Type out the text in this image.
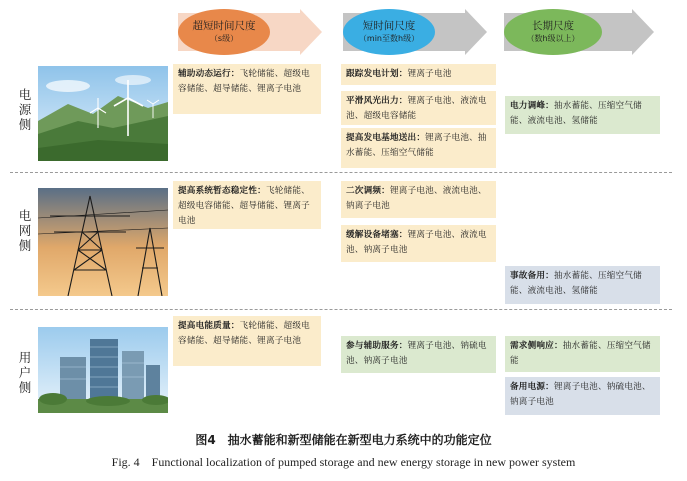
超短时间尺度
（s级）
短时间尺度
（min至数h级）
长期尺度
（数h级以上）
电源侧
电网侧
用户侧
辅助动态运行：飞轮储能、超级电容储能、超导储能、锂离子电池
跟踪发电计划：锂离子电池
平滑风光出力：锂离子电池、液流电池、超级电容储能
提高发电基地送出：锂离子电池、抽水蓄能、压缩空气储能
电力调峰：抽水蓄能、压缩空气储能、液流电池、氢储能
提高系统暂态稳定性：飞轮储能、超级电容储能、超导储能、锂离子电池
二次调频：锂离子电池、液流电池、钠离子电池
缓解设备堵塞：锂离子电池、液流电池、钠离子电池
事故备用：抽水蓄能、压缩空气储能、液流电池、氢储能
提高电能质量：飞轮储能、超级电容储能、超导储能、锂离子电池	参与辅助服务：锂离子电池、钠硫电池、钠离子电池
需求侧响应：抽水蓄能、压缩空气储能
备用电源：锂离子电池、钠硫电池、钠离子电池
图4　抽水蓄能和新型储能在新型电力系统中的功能定位
Fig. 4　Functional localization of pumped storage and new energy storage in new power system
